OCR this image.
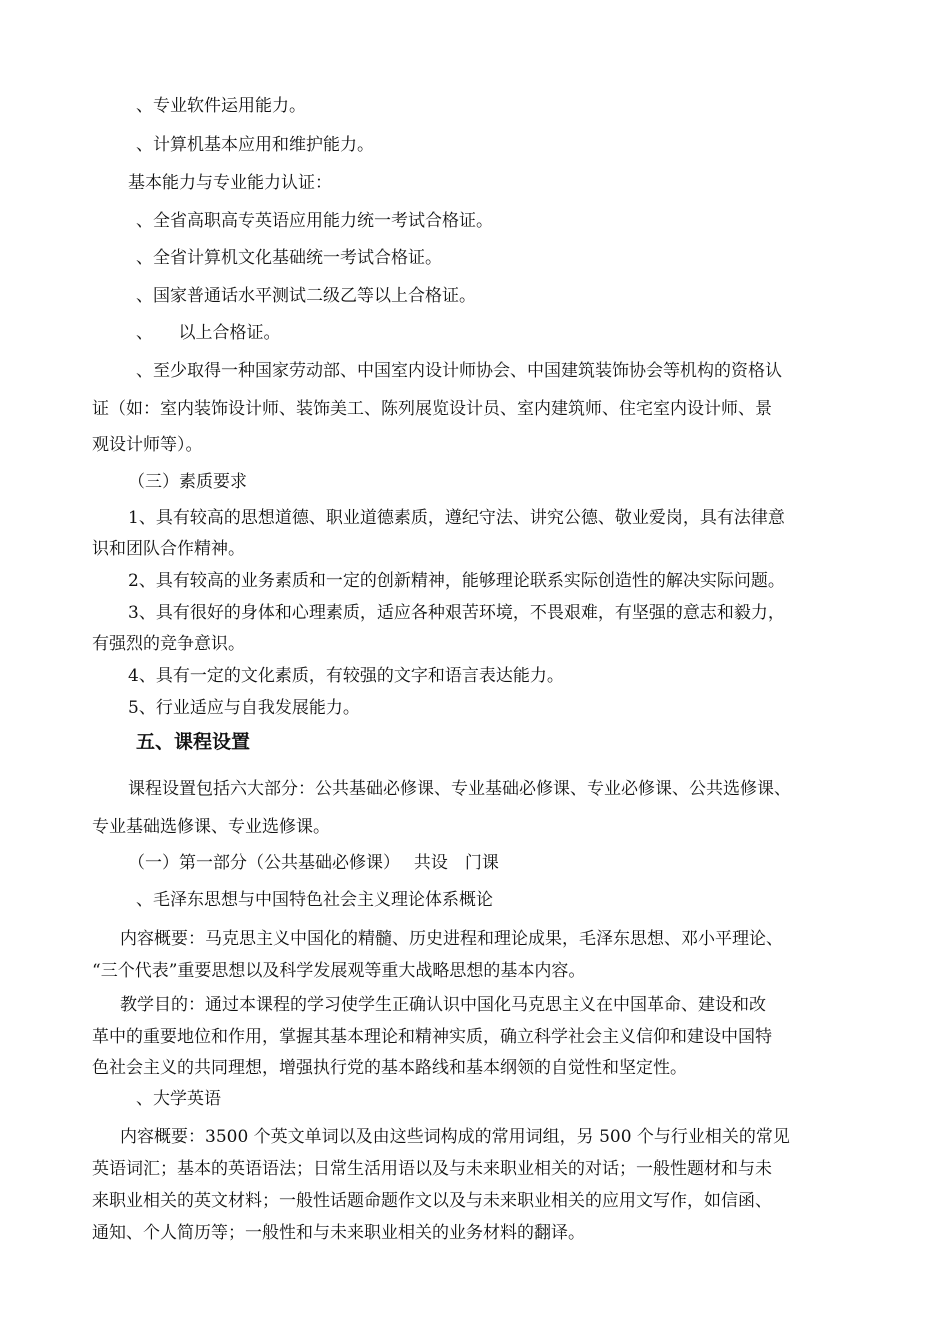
、专业软件运用能力。
、计算机基本应用和维护能力。
基本能力与专业能力认证：
、全省高职高专英语应用能力统一考试合格证。
、全省计算机文化基础统一考试合格证。
、国家普通话水平测试二级乙等以上合格证。
、　　以上合格证。
、至少取得一种国家劳动部、中国室内设计师协会、中国建筑装饰协会等机构的资格认
证（如：室内装饰设计师、装饰美工、陈列展览设计员、室内建筑师、住宅室内设计师、景
观设计师等）。
（三）素质要求
1、具有较高的思想道德、职业道德素质，遵纪守法、讲究公德、敬业爱岗，具有法律意
识和团队合作精神。
2、具有较高的业务素质和一定的创新精神，能够理论联系实际创造性的解决实际问题。
3、具有很好的身体和心理素质，适应各种艰苦环境，不畏艰难，有坚强的意志和毅力，
有强烈的竞争意识。
4、具有一定的文化素质，有较强的文字和语言表达能力。
5、行业适应与自我发展能力。
五、课程设置
课程设置包括六大部分：公共基础必修课、专业基础必修课、专业必修课、公共选修课、
专业基础选修课、专业选修课。
（一）第一部分（公共基础必修课）　 共设　门课
、毛泽东思想与中国特色社会主义理论体系概论
内容概要：马克思主义中国化的精髓、历史进程和理论成果，毛泽东思想、邓小平理论、
“三个代表”重要思想以及科学发展观等重大战略思想的基本内容。
教学目的：通过本课程的学习使学生正确认识中国化马克思主义在中国革命、建设和改
革中的重要地位和作用，掌握其基本理论和精神实质，确立科学社会主义信仰和建设中国特
色社会主义的共同理想，增强执行党的基本路线和基本纲领的自觉性和坚定性。
、大学英语
内容概要：3500 个英文单词以及由这些词构成的常用词组，另 500 个与行业相关的常见
英语词汇；基本的英语语法；日常生活用语以及与未来职业相关的对话；一般性题材和与未
来职业相关的英文材料；一般性话题命题作文以及与未来职业相关的应用文写作，如信函、
通知、个人简历等；一般性和与未来职业相关的业务材料的翻译。
